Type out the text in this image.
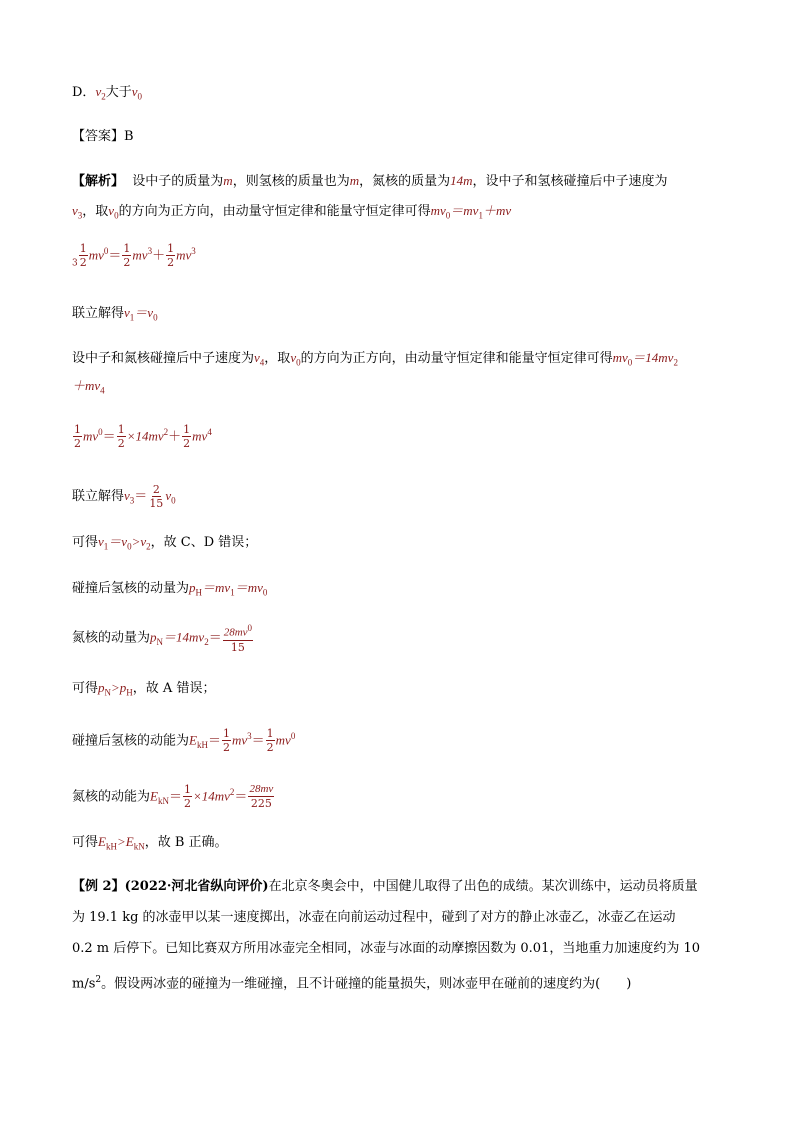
D．$v_2$大于$v_0$
【答案】B
【解析】 设中子的质量为m，则氢核的质量也为m，氮核的质量为14m，设中子和氢核碰撞后中子速度为
$v_3$，取$v_0$的方向为正方向，由动量守恒定律和能量守恒定律可得$mv_0=mv_1+mv$
$_3 \frac{1}{2} mv^0= \frac{1}{2} mv^3+ \frac{1}{2} mv^3$
联立解得$v_1=v_0$
设中子和氮核碰撞后中子速度为$v_4$，取$v_0$的方向为正方向，由动量守恒定律和能量守恒定律可得$mv_0=14mv_2$
$+mv_4$
$\frac{1}{2} mv^0= \frac{1}{2} \times 14mv^2+ \frac{1}{2} mv^4$
联立解得$v_3= \frac{2}{15} v_0$
可得$v_1=v_0>v_2$，故 C、D 错误；
碰撞后氢核的动量为$p_H=mv_1=mv_0$
氮核的动量为$p_N=14mv_2= \frac{28mv^0}{15}$
可得$p_N>p_H$，故 A 错误；
碰撞后氢核的动能为$E_{kH}= \frac{1}{2} mv^3= \frac{1}{2} mv^0$
氮核的动能为$E_{kN}= \frac{1}{2} \times 14mv^2= \frac{28mv}{225}$
可得$E_{kH}>E_{kN}$，故 B 正确。
【例 2】(2022·河北省纵向评价)在北京冬奥会中，中国健儿取得了出色的成绩。某次训练中，运动员将质量
为 19.1 kg 的冰壶甲以某一速度掷出，冰壶在向前运动过程中，碰到了对方的静止冰壶乙，冰壶乙在运动
0.2 m 后停下。已知比赛双方所用冰壶完全相同，冰壶与冰面的动摩擦因数为 0.01，当地重力加速度约为 10
$m/s^2$。假设两冰壶的碰撞为一维碰撞，且不计碰撞的能量损失，则冰壶甲在碰前的速度约为(　　)
